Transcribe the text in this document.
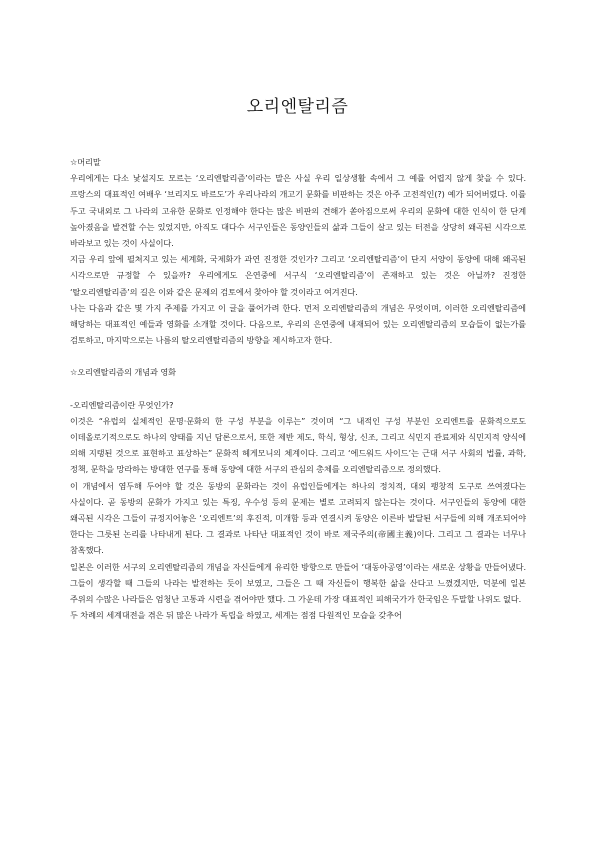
오리엔탈리즘

☆머리말

우리에게는 다소 낯설지도 모르는 ‘오리엔탈리즘’이라는 말은 사실 우리 일상생활 속에서 그 예를 어렵지 않게 찾을 수 있다. 프랑스의 대표적인 여배우 ‘브리지도 바르도’가 우리나라의 개고기 문화를 비판하는 것은 아주 고전적인(?) 예가 되어버렸다. 이를 두고 국내외로 그 나라의 고유한 문화로 인정해야 한다는 많은 비판의 견해가 쏟아짐으로써 우리의 문화에 대한 인식이 한 단계 높아졌음을 발견할 수는 있었지만, 아직도 대다수 서구인들은 동양인들의 삶과 그들이 살고 있는 터전을 상당히 왜곡된 시각으로 바라보고 있는 것이 사실이다.

지금 우리 앞에 펼쳐지고 있는 세계화, 국제화가 과연 진정한 것인가? 그리고 ‘오리엔탈리즘’이 단지 서양이 동양에 대해 왜곡된 시각으로만 규정할 수 있을까? 우리에게도 은연중에 서구식 ‘오리엔탈리즘’이 존재하고 있는 것은 아닐까? 진정한 ‘탈오리엔탈리즘’의 길은 이와 같은 문제의 검토에서 찾아야 할 것이라고 여겨진다.

나는 다음과 같은 몇 가지 주제를 가지고 이 글을 풀어가려 한다. 먼저 오리엔탈리즘의 개념은 무엇이며, 이러한 오리엔탈리즘에 해당하는 대표적인 예들과 영화를 소개할 것이다. 다음으로, 우리의 은연중에 내재되어 있는 오리엔탈리즘의 모습들이 없는가를 검토하고, 마지막으로는 나름의 탈오리엔탈리즘의 방향을 제시하고자 한다.

☆오리엔탈리즘의 개념과 영화

-오리엔탈리즘이란 무엇인가?

이것은 “유럽의 실체적인 문명·문화의 한 구성 부분을 이루는” 것이며 “그 내적인 구성 부분인 오리엔트를 문화적으로도 이데올로기적으로도 하나의 양태를 지닌 담론으로서, 또한 제반 제도, 학식, 형상, 신조, 그리고 식민지 관료제와 식민지적 양식에 의해 지탱된 것으로 표현하고 표상하는” 문화적 헤게모니의 체계이다. 그리고 ‘에드워드 사이드’는 근대 서구 사회의 법률, 과학, 정책, 문학을 망라하는 방대한 연구를 통해 동양에 대한 서구의 관심의 총체를 오리엔탈리즘으로 정의했다.

이 개념에서 염두해 두어야 할 것은 동방의 문화라는 것이 유럽인들에게는 하나의 정치적, 대외 팽창적 도구로 쓰여졌다는 사실이다. 곧 동방의 문화가 가지고 있는 특징, 우수성 등의 문제는 별로 고려되지 않는다는 것이다. 서구인들의 동양에 대한 왜곡된 시각은 그들이 규정지어놓은 ‘오리엔트’의 후진적, 미개함 등과 연결시켜 동양은 이른바 발달된 서구들에 의해 개조되어야 한다는 그릇된 논리를 나타내게 된다. 그 결과로 나타난 대표적인 것이 바로 제국주의(帝國主義)이다. 그리고 그 결과는 너무나 참혹했다.

일본은 이러한 서구의 오리엔탈리즘의 개념을 자신들에게 유리한 방향으로 만들어 ‘대동아공영’이라는 새로운 상황을 만들어냈다. 그들이 생각할 때 그들의 나라는 발전하는 듯이 보였고, 그들은 그 때 자신들이 행복한 삶을 산다고 느꼈겠지만, 덕분에 일본 주위의 수많은 나라들은 엄청난 고통과 시련을 겪어야만 했다. 그 가운데 가장 대표적인 피해국가가 한국임은 두말할 나위도 없다.

두 차례의 세계대전을 겪은 뒤 많은 나라가 독립을 하였고, 세계는 점점 다원적인 모습을 갖추어
